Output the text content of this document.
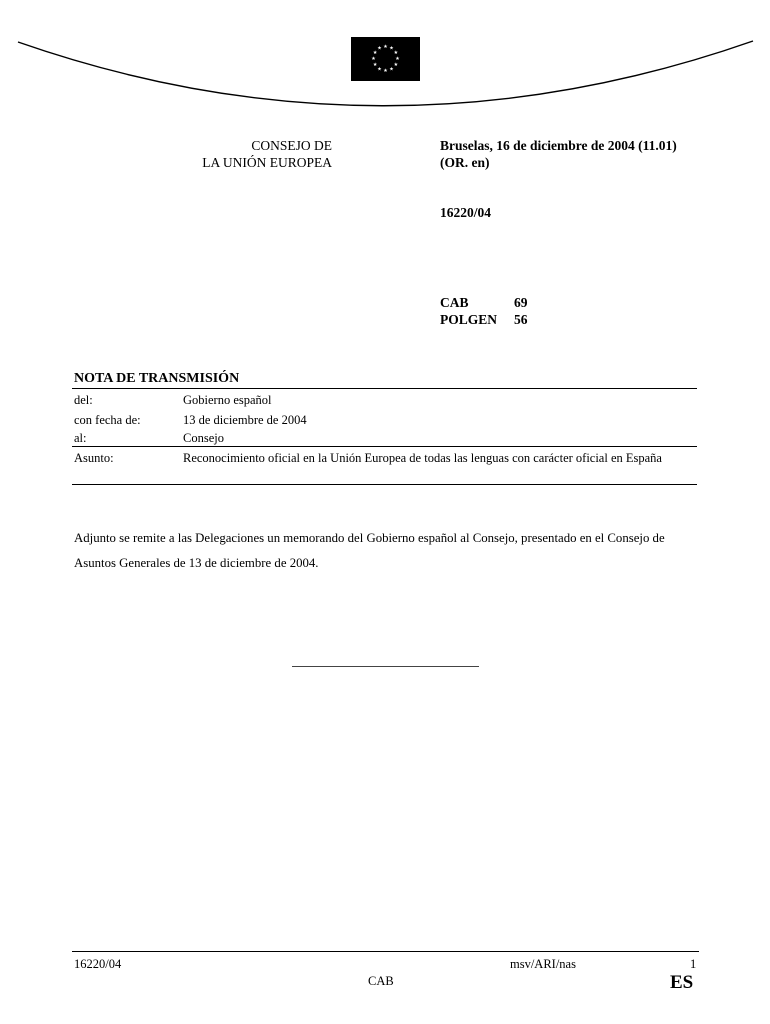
★ ★
★
★
★
★
★
★
★
★
★
★
CONSEJO DE
LA UNIÓN EUROPEA
Bruselas, 16 de diciembre de 2004 (11.01)
(OR. en)
16220/04
CAB	69
POLGEN 56
NOTA DE TRANSMISIÓN
del:	Gobierno español
con fecha de:	13 de diciembre de 2004
al:	Consejo
Asunto:	Reconocimiento oficial en la Unión Europea de todas las lenguas con carácter oficial en España
Adjunto se remite a las Delegaciones un memorando del Gobierno español al Consejo, presentado en el Consejo de Asuntos Generales de 13 de diciembre de 2004.
16220/04	msv/ARI/nas	1
CAB	ES
